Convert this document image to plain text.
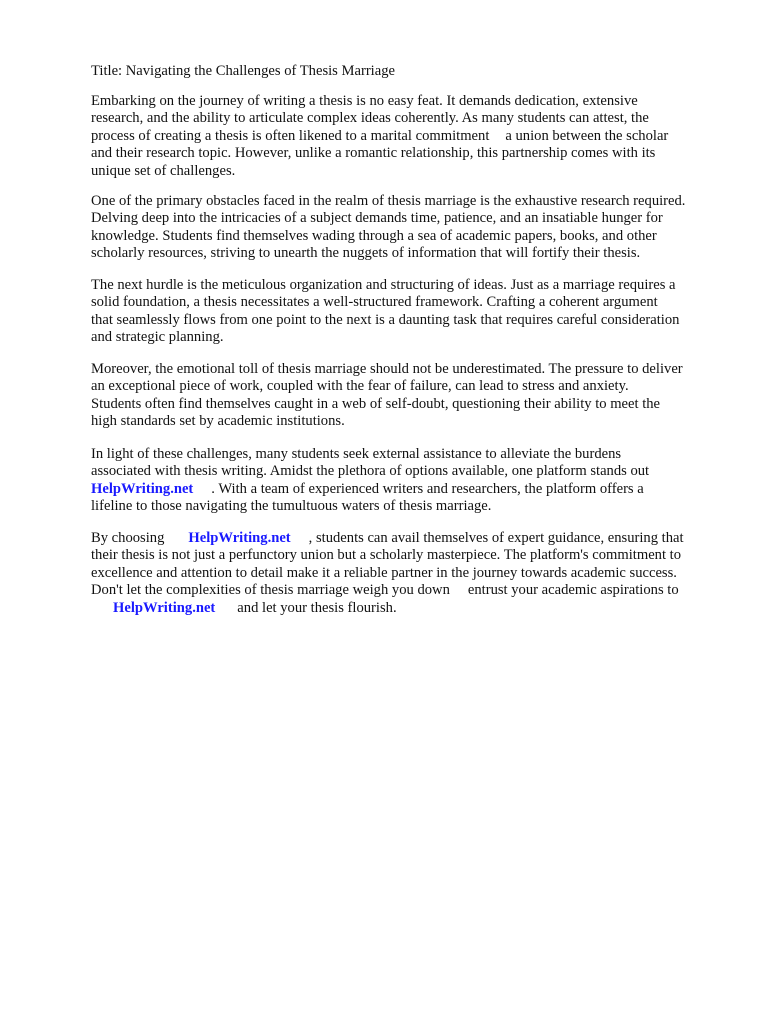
Title: Navigating the Challenges of Thesis Marriage
Embarking on the journey of writing a thesis is no easy feat. It demands dedication, extensive
research, and the ability to articulate complex ideas coherently. As many students can attest, the
process of creating a thesis is often likened to a marital commitment a union between the scholar
and their research topic. However, unlike a romantic relationship, this partnership comes with its
unique set of challenges.
One of the primary obstacles faced in the realm of thesis marriage is the exhaustive research required.
Delving deep into the intricacies of a subject demands time, patience, and an insatiable hunger for
knowledge. Students find themselves wading through a sea of academic papers, books, and other
scholarly resources, striving to unearth the nuggets of information that will fortify their thesis.
The next hurdle is the meticulous organization and structuring of ideas. Just as a marriage requires a
solid foundation, a thesis necessitates a well-structured framework. Crafting a coherent argument
that seamlessly flows from one point to the next is a daunting task that requires careful consideration
and strategic planning.
Moreover, the emotional toll of thesis marriage should not be underestimated. The pressure to deliver
an exceptional piece of work, coupled with the fear of failure, can lead to stress and anxiety.
Students often find themselves caught in a web of self-doubt, questioning their ability to meet the
high standards set by academic institutions.
In light of these challenges, many students seek external assistance to alleviate the burdens
associated with thesis writing. Amidst the plethora of options available, one platform stands out
HelpWriting.net . With a team of experienced writers and researchers, the platform offers a
lifeline to those navigating the tumultuous waters of thesis marriage.
By choosing HelpWriting.net , students can avail themselves of expert guidance, ensuring that
their thesis is not just a perfunctory union but a scholarly masterpiece. The platform's commitment to
excellence and attention to detail make it a reliable partner in the journey towards academic success.
Don't let the complexities of thesis marriage weigh you down entrust your academic aspirations to
HelpWriting.net and let your thesis flourish.
